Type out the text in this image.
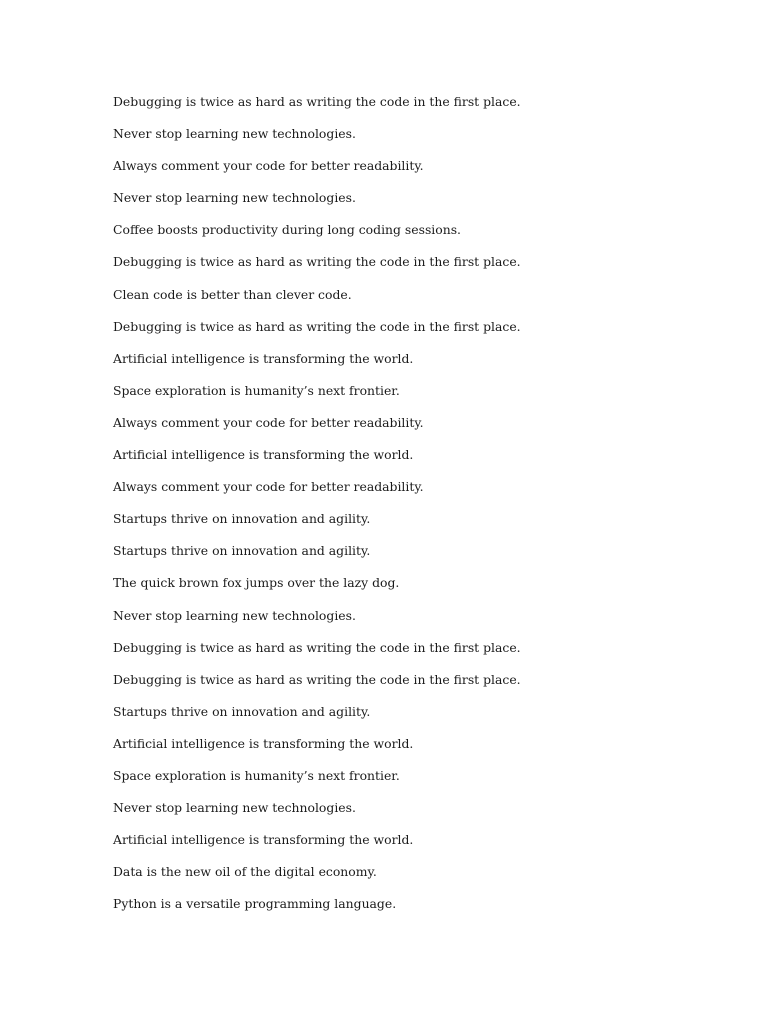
Debugging is twice as hard as writing the code in the first place.

Never stop learning new technologies.

Always comment your code for better readability.

Never stop learning new technologies.

Coffee boosts productivity during long coding sessions.

Debugging is twice as hard as writing the code in the first place.

Clean code is better than clever code.

Debugging is twice as hard as writing the code in the first place.

Artificial intelligence is transforming the world.

Space exploration is humanity’s next frontier.

Always comment your code for better readability.

Artificial intelligence is transforming the world.

Always comment your code for better readability.

Startups thrive on innovation and agility.

Startups thrive on innovation and agility.

The quick brown fox jumps over the lazy dog.

Never stop learning new technologies.

Debugging is twice as hard as writing the code in the first place.

Debugging is twice as hard as writing the code in the first place.

Startups thrive on innovation and agility.

Artificial intelligence is transforming the world.

Space exploration is humanity’s next frontier.

Never stop learning new technologies.

Artificial intelligence is transforming the world.

Data is the new oil of the digital economy.

Python is a versatile programming language.
